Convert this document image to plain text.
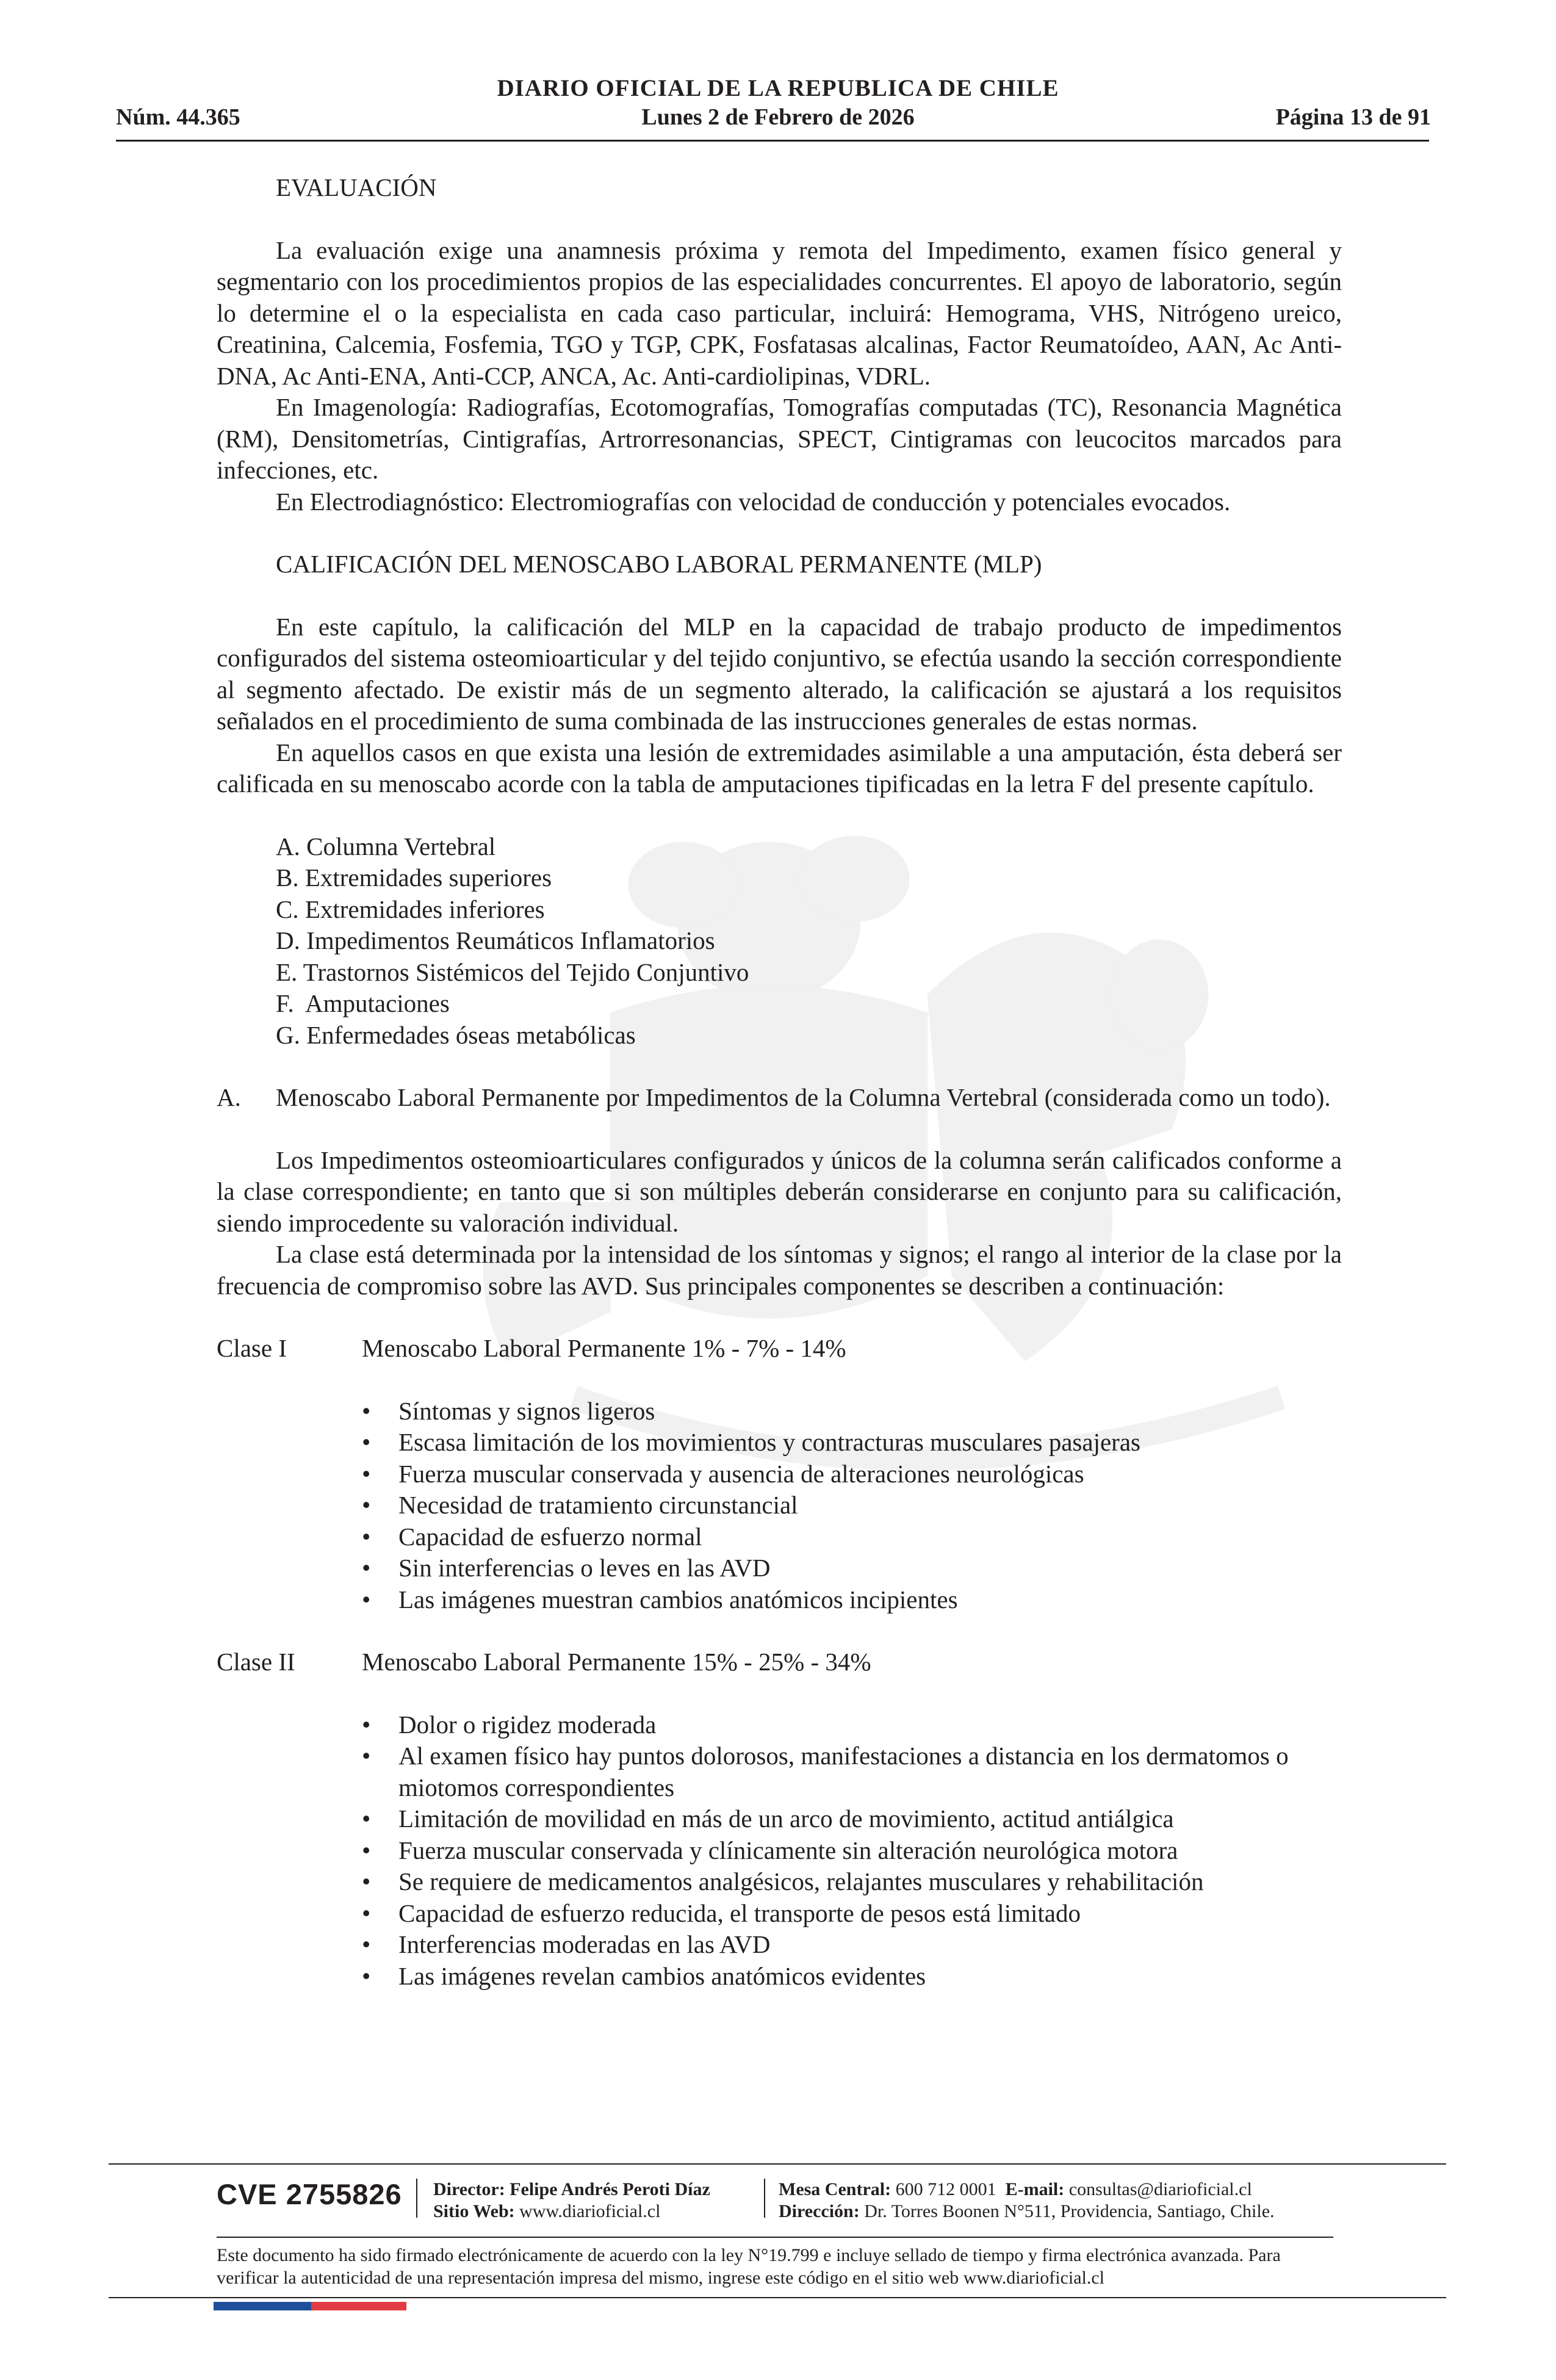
DIARIO OFICIAL DE LA REPUBLICA DE CHILE
Núm. 44.365	Lunes 2 de Febrero de 2026	Página 13 de 91

EVALUACIÓN

La evaluación exige una anamnesis próxima y remota del Impedimento, examen físico general y segmentario con los procedimientos propios de las especialidades concurrentes. El apoyo de laboratorio, según lo determine el o la especialista en cada caso particular, incluirá: Hemograma, VHS, Nitrógeno ureico, Creatinina, Calcemia, Fosfemia, TGO y TGP, CPK, Fosfatasas alcalinas, Factor Reumatoídeo, AAN, Ac Anti-DNA, Ac Anti-ENA, Anti-CCP, ANCA, Ac. Anti-cardiolipinas, VDRL.

En Imagenología: Radiografías, Ecotomografías, Tomografías computadas (TC), Resonancia Magnética (RM), Densitometrías, Cintigrafías, Artrorresonancias, SPECT, Cintigramas con leucocitos marcados para infecciones, etc.

En Electrodiagnóstico: Electromiografías con velocidad de conducción y potenciales evocados.

CALIFICACIÓN DEL MENOSCABO LABORAL PERMANENTE (MLP)

En este capítulo, la calificación del MLP en la capacidad de trabajo producto de impedimentos configurados del sistema osteomioarticular y del tejido conjuntivo, se efectúa usando la sección correspondiente al segmento afectado. De existir más de un segmento alterado, la calificación se ajustará a los requisitos señalados en el procedimiento de suma combinada de las instrucciones generales de estas normas.

En aquellos casos en que exista una lesión de extremidades asimilable a una amputación, ésta deberá ser calificada en su menoscabo acorde con la tabla de amputaciones tipificadas en la letra F del presente capítulo.

A. Columna Vertebral

B. Extremidades superiores

C. Extremidades inferiores

D. Impedimentos Reumáticos Inflamatorios

E. Trastornos Sistémicos del Tejido Conjuntivo

F.  Amputaciones

G. Enfermedades óseas metabólicas

A.	Menoscabo Laboral Permanente por Impedimentos de la Columna Vertebral (considerada como un todo).

Los Impedimentos osteomioarticulares configurados y únicos de la columna serán calificados conforme a la clase correspondiente; en tanto que si son múltiples deberán considerarse en conjunto para su calificación, siendo improcedente su valoración individual.

La clase está determinada por la intensidad de los síntomas y signos; el rango al interior de la clase por la frecuencia de compromiso sobre las AVD. Sus principales componentes se describen a continuación:

Clase I	Menoscabo Laboral Permanente 1% - 7% - 14%
•	Síntomas y signos ligeros
•	Escasa limitación de los movimientos y contracturas musculares pasajeras
•	Fuerza muscular conservada y ausencia de alteraciones neurológicas
•	Necesidad de tratamiento circunstancial
•	Capacidad de esfuerzo normal
•	Sin interferencias o leves en las AVD
•	Las imágenes muestran cambios anatómicos incipientes
Clase II	Menoscabo Laboral Permanente 15% - 25% - 34%
•	Dolor o rigidez moderada
•	Al examen físico hay puntos dolorosos, manifestaciones a distancia en los dermatomos o miotomos correspondientes
•	Limitación de movilidad en más de un arco de movimiento, actitud antiálgica
•	Fuerza muscular conservada y clínicamente sin alteración neurológica motora
•	Se requiere de medicamentos analgésicos, relajantes musculares y rehabilitación
•	Capacidad de esfuerzo reducida, el transporte de pesos está limitado
•	Interferencias moderadas en las AVD
•	Las imágenes revelan cambios anatómicos evidentes
CVE 2755826 Director: Felipe Andrés Peroti Díaz
Sitio Web: www.diarioficial.cl
Mesa Central: 600 712 0001 E-mail: consultas@diarioficial.cl
Dirección: Dr. Torres Boonen N°511, Providencia, Santiago, Chile.
Este documento ha sido firmado electrónicamente de acuerdo con la ley N°19.799 e incluye sellado de tiempo y firma electrónica avanzada. Para verificar la autenticidad de una representación impresa del mismo, ingrese este código en el sitio web www.diarioficial.cl
